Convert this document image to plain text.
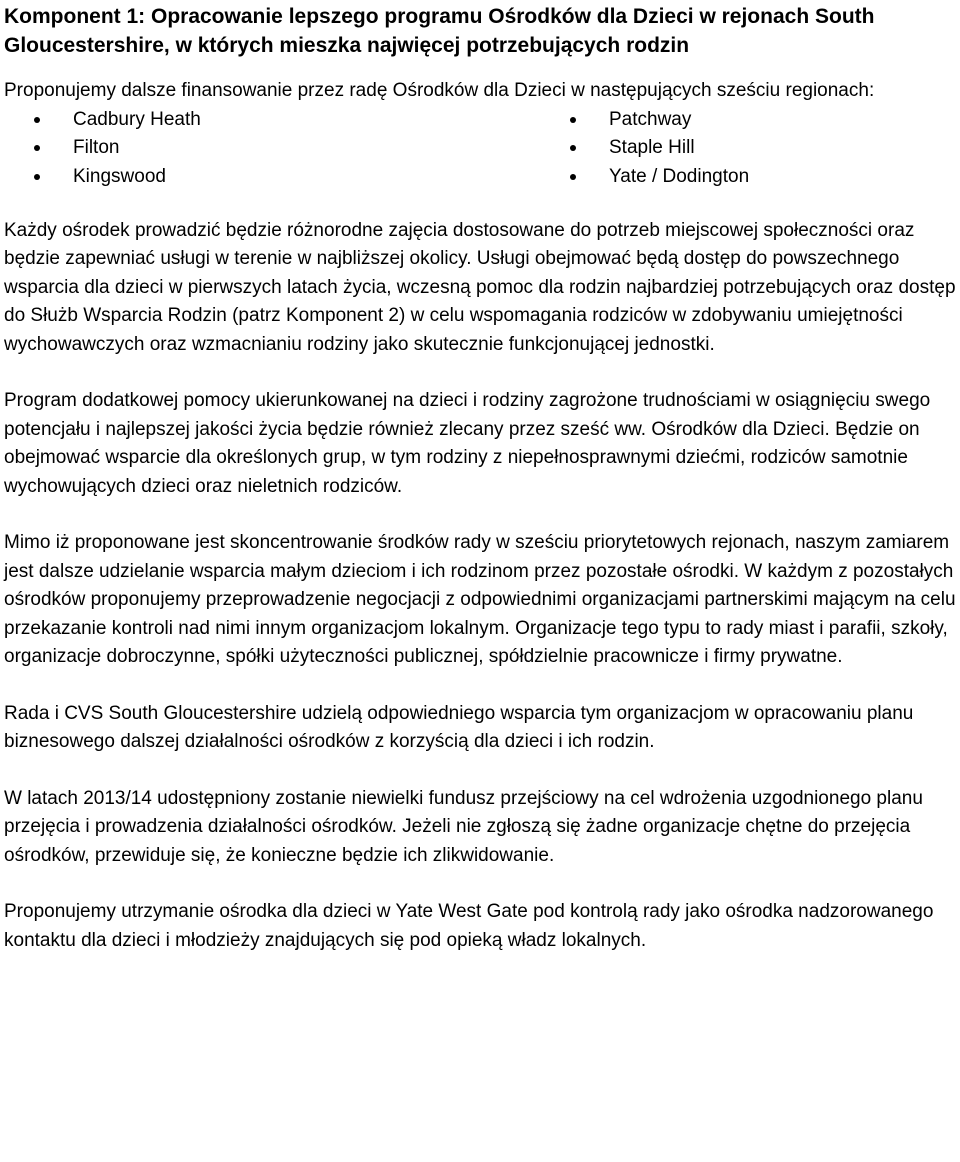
Komponent 1: Opracowanie lepszego programu Ośrodków dla Dzieci w rejonach South Gloucestershire, w których mieszka najwięcej potrzebujących rodzin

Proponujemy dalsze finansowanie przez radę Ośrodków dla Dzieci w następujących sześciu regionach:

Cadbury Heath
Filton
Kingswood
Patchway
Staple Hill
Yate / Dodington

Każdy ośrodek prowadzić będzie różnorodne zajęcia dostosowane do potrzeb miejscowej społeczności oraz będzie zapewniać usługi w terenie w najbliższej okolicy. Usługi obejmować będą dostęp do powszechnego wsparcia dla dzieci w pierwszych latach życia, wczesną pomoc dla rodzin najbardziej potrzebujących oraz dostęp do Służb Wsparcia Rodzin (patrz Komponent 2) w celu wspomagania rodziców w zdobywaniu umiejętności wychowawczych oraz wzmacnianiu rodziny jako skutecznie funkcjonującej jednostki.

Program dodatkowej pomocy ukierunkowanej na dzieci i rodziny zagrożone trudnościami w osiągnięciu swego potencjału i najlepszej jakości życia będzie również zlecany przez sześć ww. Ośrodków dla Dzieci. Będzie on obejmować wsparcie dla określonych grup, w tym rodziny z niepełnosprawnymi dziećmi, rodziców samotnie wychowujących dzieci oraz nieletnich rodziców.

Mimo iż proponowane jest skoncentrowanie środków rady w sześciu priorytetowych rejonach, naszym zamiarem jest dalsze udzielanie wsparcia małym dzieciom i ich rodzinom przez pozostałe ośrodki. W każdym z pozostałych ośrodków proponujemy przeprowadzenie negocjacji z odpowiednimi organizacjami partnerskimi mającym na celu przekazanie kontroli nad nimi innym organizacjom lokalnym. Organizacje tego typu to rady miast i parafii, szkoły, organizacje dobroczynne, spółki użyteczności publicznej, spółdzielnie pracownicze i firmy prywatne.

Rada i CVS South Gloucestershire udzielą odpowiedniego wsparcia tym organizacjom w opracowaniu planu biznesowego dalszej działalności ośrodków z korzyścią dla dzieci i ich rodzin.

W latach 2013/14 udostępniony zostanie niewielki fundusz przejściowy na cel wdrożenia uzgodnionego planu przejęcia i prowadzenia działalności ośrodków. Jeżeli nie zgłoszą się żadne organizacje chętne do przejęcia ośrodków, przewiduje się, że konieczne będzie ich zlikwidowanie.

Proponujemy utrzymanie ośrodka dla dzieci w Yate West Gate pod kontrolą rady jako ośrodka nadzorowanego kontaktu dla dzieci i młodzieży znajdujących się pod opieką władz lokalnych.
